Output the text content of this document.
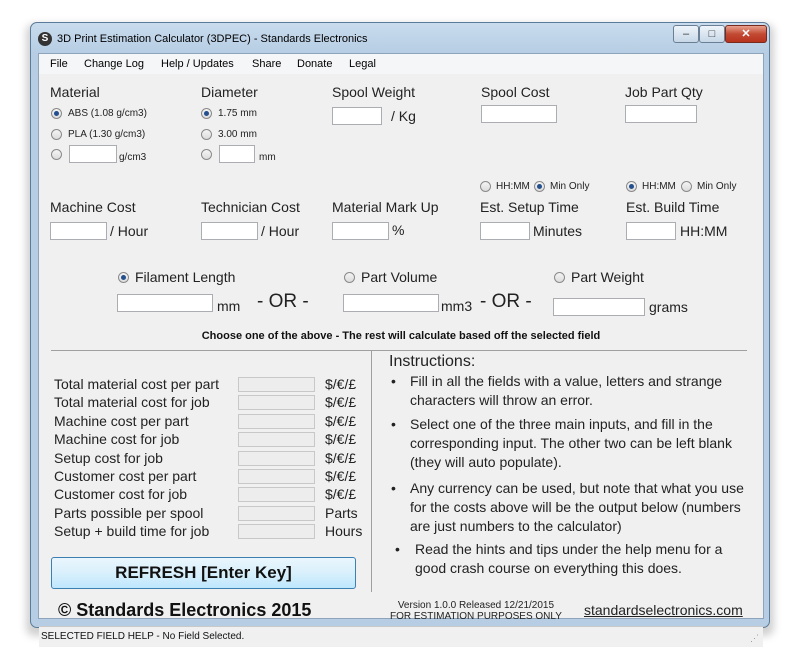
S 3D Print Estimation Calculator (3DPEC) - Standards Electronics	–	□	✕
File Change Log Help / Updates Share Donate Legal
Material
ABS (1.08 g/cm3)
PLA (1.30 g/cm3)
g/cm3
Diameter
1.75 mm
3.00 mm
mm
Spool Weight
/ Kg
Spool Cost	Job Part Qty
HH:MM Min Only	HH:MM Min Only
Machine Cost
/ Hour
Technician Cost
/ Hour
Material Mark Up
%
Est. Setup Time
Minutes
Est. Build Time
HH:MM
Filament Length
mm - OR -
Part Volume
mm3 - OR -
Part Weight
grams
Choose one of the above - The rest will calculate based off the selected field
Total material cost per part	$/€/£
Total material cost for job	$/€/£
Machine cost per part	$/€/£
Machine cost for job	$/€/£
Setup cost for job	$/€/£
Customer cost per part	$/€/£
Customer cost for job	$/€/£
Parts possible per spool	Parts
Setup + build time for job	Hours
Instructions:
• Fill in all the fields with a value, letters and strange characters will throw an error.
• Select one of the three main inputs, and fill in the corresponding input. The other two can be left blank (they will auto populate).
• Any currency can be used, but note that what you use for the costs above will be the output below (numbers are just numbers to the calculator)
• Read the hints and tips under the help menu for a good crash course on everything this does.
REFRESH [Enter Key]
© Standards Electronics 2015	Version 1.0.0 Released 12/21/2015
FOR ESTIMATION PURPOSES ONLY standardselectronics.com
SELECTED FIELD HELP - No Field Selected.	⋰
